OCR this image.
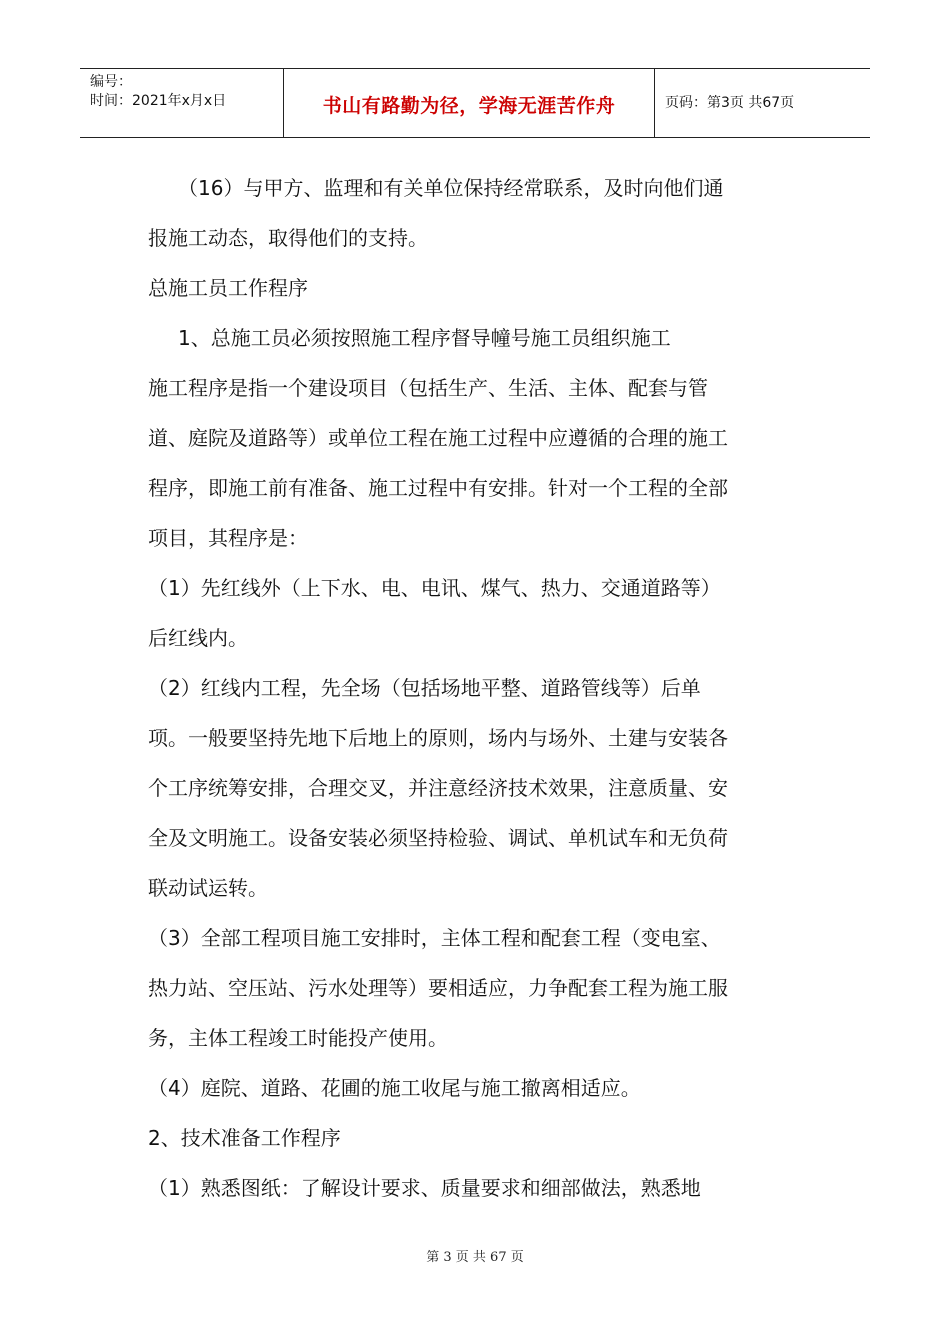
编号：
时间：2021年x月x日	书山有路勤为径，学海无涯苦作舟	页码：第3页 共67页
（16）与甲方、监理和有关单位保持经常联系，及时向他们通
报施工动态，取得他们的支持。
总施工员工作程序
1、总施工员必须按照施工程序督导幢号施工员组织施工
施工程序是指一个建设项目（包括生产、生活、主体、配套与管
道、庭院及道路等）或单位工程在施工过程中应遵循的合理的施工
程序，即施工前有准备、施工过程中有安排。针对一个工程的全部
项目，其程序是：
（1）先红线外（上下水、电、电讯、煤气、热力、交通道路等）
后红线内。
（2）红线内工程，先全场（包括场地平整、道路管线等）后单
项。一般要坚持先地下后地上的原则，场内与场外、土建与安装各
个工序统筹安排，合理交叉，并注意经济技术效果，注意质量、安
全及文明施工。设备安装必须坚持检验、调试、单机试车和无负荷
联动试运转。
（3）全部工程项目施工安排时，主体工程和配套工程（变电室、
热力站、空压站、污水处理等）要相适应，力争配套工程为施工服
务，主体工程竣工时能投产使用。
（4）庭院、道路、花圃的施工收尾与施工撤离相适应。
2、技术准备工作程序
（1）熟悉图纸：了解设计要求、质量要求和细部做法，熟悉地
第 3 页 共 67 页
